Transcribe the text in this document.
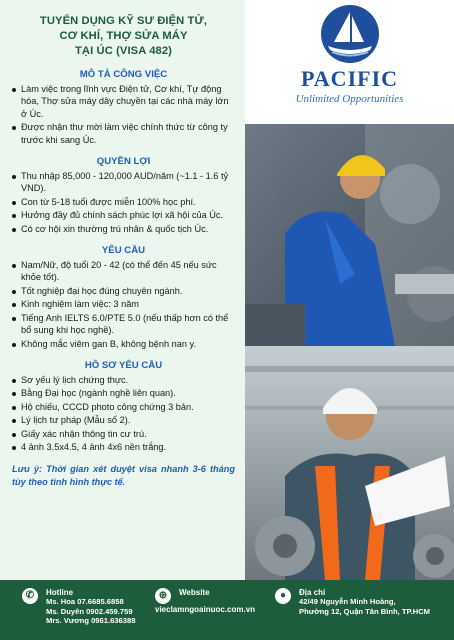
TUYỂN DỤNG KỸ SƯ ĐIỆN TỬ,
CƠ KHÍ, THỢ SỬA MÁY
TẠI ÚC (VISA 482)
MÔ TẢ CÔNG VIỆC
Làm việc trong lĩnh vực Điện tử, Cơ khí, Tự động hóa, Thợ sửa máy dây chuyền tại các nhà máy lớn ở Úc.
Được nhận thư mời làm việc chính thức từ công ty trước khi sang Úc.
QUYỀN LỢI
Thu nhập 85,000 - 120,000 AUD/năm (~1.1 - 1.6 tỷ VND).
Con từ 5-18 tuổi được miễn 100% học phí.
Hưởng đầy đủ chính sách phúc lợi xã hội của Úc.
Có cơ hội xin thường trú nhân & quốc tịch Úc.
YÊU CẦU
Nam/Nữ, độ tuổi 20 - 42 (có thể đến 45 nếu sức khỏe tốt).
Tốt nghiệp đại học đúng chuyên ngành.
Kinh nghiệm làm việc: 3 năm
Tiếng Anh IELTS 6.0/PTE 5.0 (nếu thấp hơn có thể bổ sung khi học nghề).
Không mắc viêm gan B, không bệnh nan y.
HỒ SƠ YÊU CẦU
Sơ yếu lý lịch chứng thực.
Bằng Đại học (ngành nghề liên quan).
Hộ chiếu, CCCD photo công chứng 3 bản.
Lý lịch tư pháp (Mẫu số 2).
Giấy xác nhận thông tin cư trú.
4 ảnh 3.5x4.5, 4 ảnh 4x6 nền trắng.
Lưu ý: Thời gian xét duyệt visa nhanh 3-6 tháng tùy theo tình hình thực tế.
PACIFIC
Unlimited Opportunities
✆	Hotline
Ms. Hoa 07.6685.6858
Ms. Duyên 0902.459.759
Mrs. Vương 0961.636388
⊕	Website
vieclamngoainuoc.com.vn
●	Địa chỉ
42/49 Nguyễn Minh Hoàng,
Phường 12, Quận Tân Bình, TP.HCM
